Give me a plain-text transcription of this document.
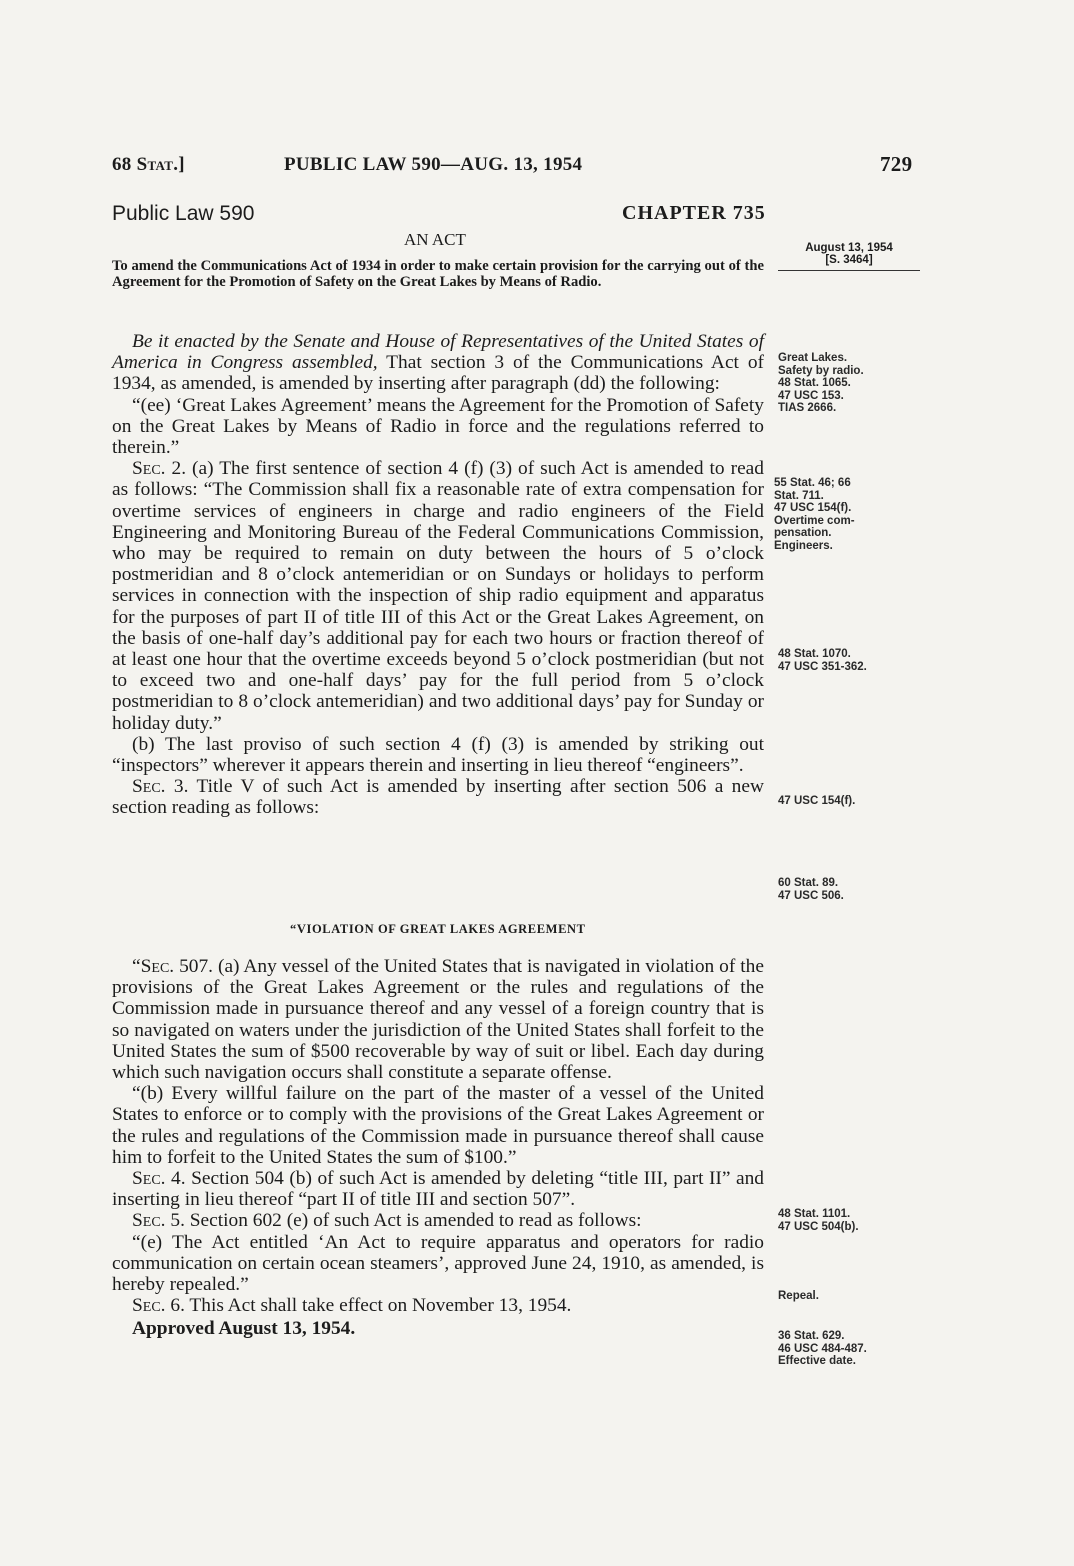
68 Stat.]	PUBLIC LAW 590—AUG. 13, 1954	729
Public Law 590	CHAPTER 735
AN ACT	August 13, 1954
[S. 3464]
To amend the Communications Act of 1934 in order to make certain provision for the carrying out of the Agreement for the Promotion of Safety on the Great Lakes by Means of Radio.

Be it enacted by the Senate and House of Representatives of the United States of America in Congress assembled, That section 3 of the Communications Act of 1934, as amended, is amended by inserting after paragraph (dd) the following:

“(ee) ‘Great Lakes Agreement’ means the Agreement for the Promotion of Safety on the Great Lakes by Means of Radio in force and the regulations referred to therein.”

Sec. 2. (a) The first sentence of section 4 (f) (3) of such Act is amended to read as follows: “The Commission shall fix a reasonable rate of extra compensation for overtime services of engineers in charge and radio engineers of the Field Engineering and Monitoring Bureau of the Federal Communications Commission, who may be required to remain on duty between the hours of 5 o’clock postmeridian and 8 o’clock antemeridian or on Sundays or holidays to perform services in connection with the inspection of ship radio equipment and apparatus for the purposes of part II of title III of this Act or the Great Lakes Agreement, on the basis of one-half day’s additional pay for each two hours or fraction thereof of at least one hour that the overtime exceeds beyond 5 o’clock postmeridian (but not to exceed two and one-half days’ pay for the full period from 5 o’clock postmeridian to 8 o’clock antemeridian) and two additional days’ pay for Sunday or holiday duty.”

(b) The last proviso of such section 4 (f) (3) is amended by striking out “inspectors” wherever it appears therein and inserting in lieu thereof “engineers”.

Sec. 3. Title V of such Act is amended by inserting after section 506 a new section reading as follows:

“VIOLATION OF GREAT LAKES AGREEMENT

“Sec. 507. (a) Any vessel of the United States that is navigated in violation of the provisions of the Great Lakes Agreement or the rules and regulations of the Commission made in pursuance thereof and any vessel of a foreign country that is so navigated on waters under the jurisdiction of the United States shall forfeit to the United States the sum of $500 recoverable by way of suit or libel. Each day during which such navigation occurs shall constitute a separate offense.

“(b) Every willful failure on the part of the master of a vessel of the United States to enforce or to comply with the provisions of the Great Lakes Agreement or the rules and regulations of the Commission made in pursuance thereof shall cause him to forfeit to the United States the sum of $100.”

Sec. 4. Section 504 (b) of such Act is amended by deleting “title III, part II” and inserting in lieu thereof “part II of title III and section 507”.

Sec. 5. Section 602 (e) of such Act is amended to read as follows:

“(e) The Act entitled ‘An Act to require apparatus and operators for radio communication on certain ocean steamers’, approved June 24, 1910, as amended, is hereby repealed.”

Sec. 6. This Act shall take effect on November 13, 1954.

Approved August 13, 1954.

Great Lakes.
Safety by radio.
48 Stat. 1065.
47 USC 153.
TIAS 2666.
55 Stat. 46; 66
Stat. 711.
47 USC 154(f).
Overtime com-
pensation.
Engineers.
48 Stat. 1070.
47 USC 351-362.
47 USC 154(f).
60 Stat. 89.
47 USC 506.
48 Stat. 1101.
47 USC 504(b).
Repeal.
36 Stat. 629.
46 USC 484-487.
Effective date.
